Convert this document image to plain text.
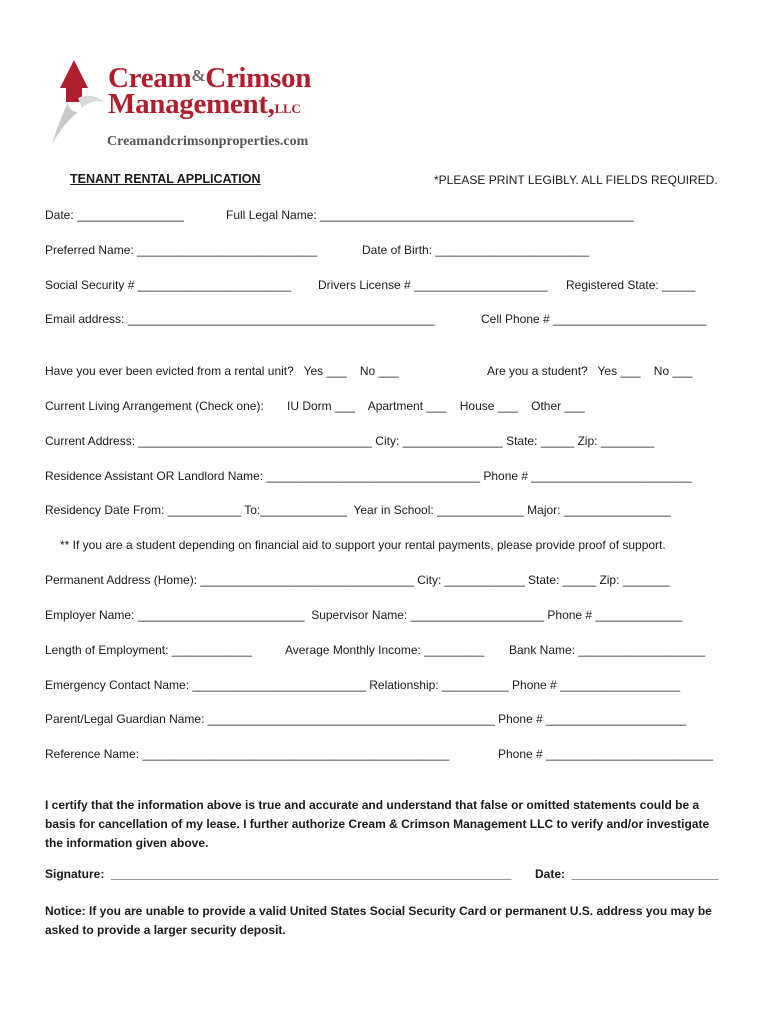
Cream&Crimson
Management,LLC
Creamandcrimsonproperties.com
TENANT RENTAL APPLICATION	*PLEASE PRINT LEGIBLY. ALL FIELDS REQUIRED.
Date: ________________	Full Legal Name: _______________________________________________
Preferred Name: ___________________________	Date of Birth: _______________________
Social Security # _______________________ Drivers License # ____________________ Registered State: _____
Email address: ______________________________________________	Cell Phone # _______________________
Have you ever been evicted from a rental unit?   Yes ___    No ___	Are you a student?   Yes ___    No ___
Current Living Arrangement (Check one): IU Dorm ___    Apartment ___    House ___    Other ___
Current Address: ___________________________________ City: _______________ State: _____ Zip: ________
Residence Assistant OR Landlord Name: ________________________________ Phone # ________________________
Residency Date From: ___________ To:_____________  Year in School: _____________ Major: ________________
** If you are a student depending on financial aid to support your rental payments, please provide proof of support.
Permanent Address (Home): ________________________________ City: ____________ State: _____ Zip: _______
Employer Name: _________________________  Supervisor Name: ____________________ Phone # _____________
Length of Employment: ____________	Average Monthly Income: _________ Bank Name: ___________________
Emergency Contact Name: __________________________ Relationship: __________ Phone # __________________
Parent/Legal Guardian Name: ___________________________________________ Phone # _____________________
Reference Name: ______________________________________________	Phone # _________________________
I certify that the information above is true and accurate and understand that false or omitted statements could be a basis for cancellation of my lease. I further authorize Cream & Crimson Management LLC to verify and/or investigate the information given above.
Signature:  ____________________________________________________________ Date:  ______________________
Notice: If you are unable to provide a valid United States Social Security Card or permanent U.S. address you may be asked to provide a larger security deposit.
